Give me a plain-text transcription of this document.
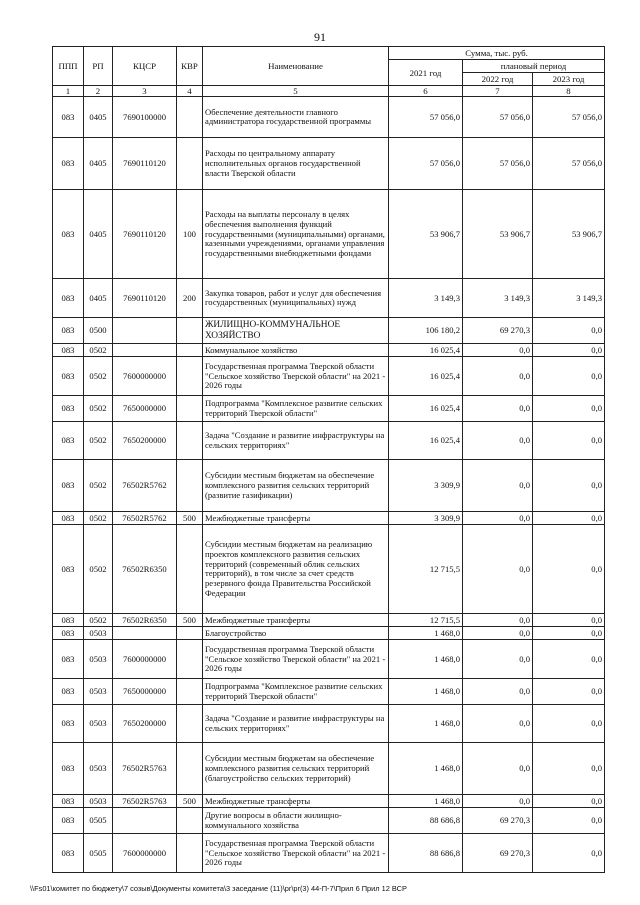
91
ППП	РП	КЦСР	КВР	Наименование	Сумма, тыс. руб.		
					2021 год	плановый период	
						2022 год	2023 год
1	2	3	4	5	6	7	8
083	0405	7690100000		Обеспечение деятельности главного администратора государственной программы	57 056,0	57 056,0	57 056,0
083	0405	7690110120		Расходы по центральному аппарату исполнительных органов государственной власти Тверской области	57 056,0	57 056,0	57 056,0
083	0405	7690110120	100	Расходы на выплаты персоналу в целях обеспечения выполнения функций государственными (муниципальными) органами, казенными учреждениями, органами управления государственными внебюджетными фондами	53 906,7	53 906,7	53 906,7
083	0405	7690110120	200	Закупка товаров, работ и услуг для обеспечения государственных (муниципальных) нужд	3 149,3	3 149,3	3 149,3
083	0500			ЖИЛИЩНО-КОММУНАЛЬНОЕ ХОЗЯЙСТВО	106 180,2	69 270,3	0,0
083	0502			Коммунальное хозяйство	16 025,4	0,0	0,0
083	0502	7600000000		Государственная программа Тверской области "Сельское хозяйство Тверской области" на 2021 - 2026 годы	16 025,4	0,0	0,0
083	0502	7650000000		Подпрограмма "Комплексное развитие сельских территорий Тверской области"	16 025,4	0,0	0,0
083	0502	7650200000		Задача "Создание и развитие инфраструктуры на сельских территориях"	16 025,4	0,0	0,0
083	0502	76502R5762		Субсидии местным бюджетам на обеспечение комплексного развития сельских территорий (развитие газификации)	3 309,9	0,0	0,0
083	0502	76502R5762	500	Межбюджетные трансферты	3 309,9	0,0	0,0
083	0502	76502R6350		Субсидии местным бюджетам на реализацию проектов комплексного развития сельских территорий (современный облик сельских территорий), в том числе за счет средств резервного фонда Правительства Российской Федерации	12 715,5	0,0	0,0
083	0502	76502R6350	500	Межбюджетные трансферты	12 715,5	0,0	0,0
083	0503			Благоустройство	1 468,0	0,0	0,0
083	0503	7600000000		Государственная программа Тверской области "Сельское хозяйство Тверской области" на 2021 - 2026 годы	1 468,0	0,0	0,0
083	0503	7650000000		Подпрограмма "Комплексное развитие сельских территорий Тверской области"	1 468,0	0,0	0,0
083	0503	7650200000		Задача "Создание и развитие инфраструктуры на сельских территориях"	1 468,0	0,0	0,0
083	0503	76502R5763		Субсидии местным бюджетам на обеспечение комплексного развития сельских территорий (благоустройство сельских территорий)	1 468,0	0,0	0,0
083	0503	76502R5763	500	Межбюджетные трансферты	1 468,0	0,0	0,0
083	0505			Другие вопросы в области жилищно-коммунального хозяйства	88 686,8	69 270,3	0,0
083	0505	7600000000		Государственная программа Тверской области "Сельское хозяйство Тверской области" на 2021 - 2026 годы	88 686,8	69 270,3	0,0
\\Fs01\комитет по бюджету\7 созыв\Документы комитета\3 заседание (11)\pr\pr(3) 44-П-7\Прил 6 Прил 12 ВСР
